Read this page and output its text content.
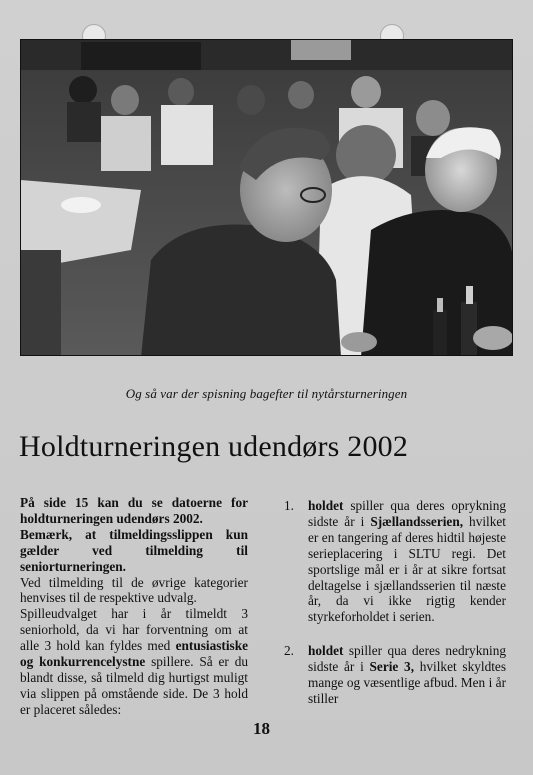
Og så var der spisning bagefter til nytårsturneringen
Holdturneringen udendørs 2002

På side 15 kan du se datoerne for holdturneringen udendørs 2002.

Bemærk, at tilmeldingsslippen kun gælder ved tilmelding til seniorturneringen.

Ved tilmelding til de øvrige kategorier henvises til de respektive udvalg.

Spilleudvalget har i år tilmeldt 3 seniorhold, da vi har forventning om at alle 3 hold kan fyldes med entusiastiske og konkurrencelystne spillere. Så er du blandt disse, så tilmeld dig hurtigst muligt via slippen på omstående side. De 3 hold er placeret således:

1. holdet spiller qua deres oprykning sidste år i Sjællandsserien, hvilket er en tangering af deres hidtil højeste serieplacering i SLTU regi. Det sportslige mål er i år at sikre fortsat deltagelse i sjællandsserien til næste år, da vi ikke rigtig kender styrkeforholdet i serien.
2. holdet spiller qua deres nedrykning sidste år i Serie 3, hvilket skyldtes mange og væsentlige afbud. Men i år stiller
18
